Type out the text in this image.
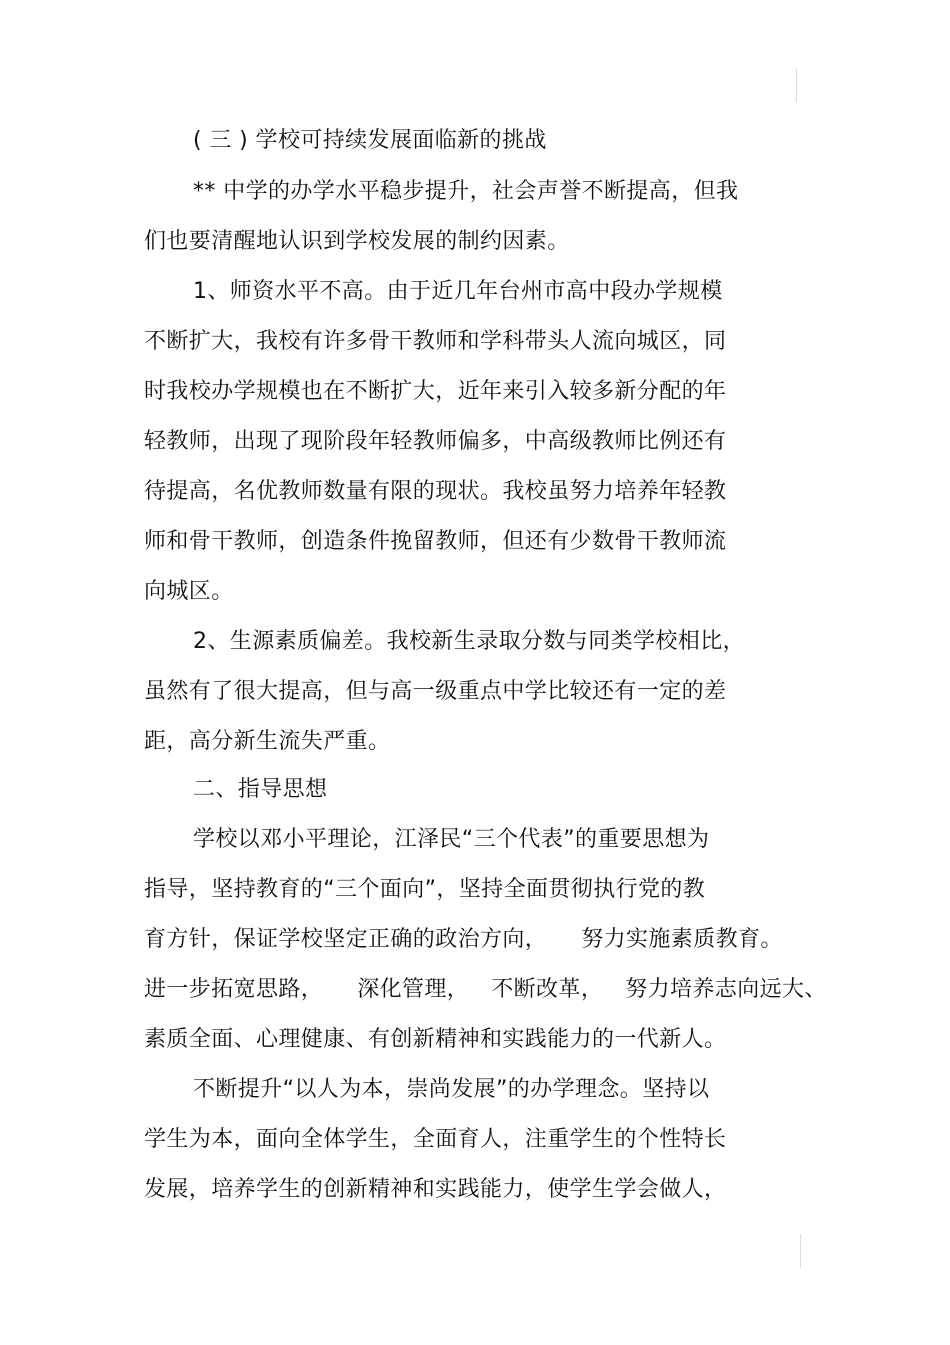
( 三 ) 学校可持续发展面临新的挑战
** 中学的办学水平稳步提升，社会声誉不断提高，但我
们也要清醒地认识到学校发展的制约因素。
1、师资水平不高。由于近几年台州市高中段办学规模
不断扩大，我校有许多骨干教师和学科带头人流向城区，同
时我校办学规模也在不断扩大，近年来引入较多新分配的年
轻教师，出现了现阶段年轻教师偏多，中高级教师比例还有
待提高，名优教师数量有限的现状。我校虽努力培养年轻教
师和骨干教师，创造条件挽留教师，但还有少数骨干教师流
向城区。
2、生源素质偏差。我校新生录取分数与同类学校相比，
虽然有了很大提高，但与高一级重点中学比较还有一定的差
距，高分新生流失严重。
二、指导思想
学校以邓小平理论，江泽民“三个代表”的重要思想为
指导，坚持教育的“三个面向”，坚持全面贯彻执行党的教
育方针，保证学校坚定正确的政治方向， 努力实施素质教育。
进一步拓宽思路， 深化管理， 不断改革， 努力培养志向远大、
素质全面、心理健康、有创新精神和实践能力的一代新人。
不断提升“以人为本，崇尚发展”的办学理念。坚持以
学生为本，面向全体学生，全面育人，注重学生的个性特长
发展，培养学生的创新精神和实践能力，使学生学会做人，
